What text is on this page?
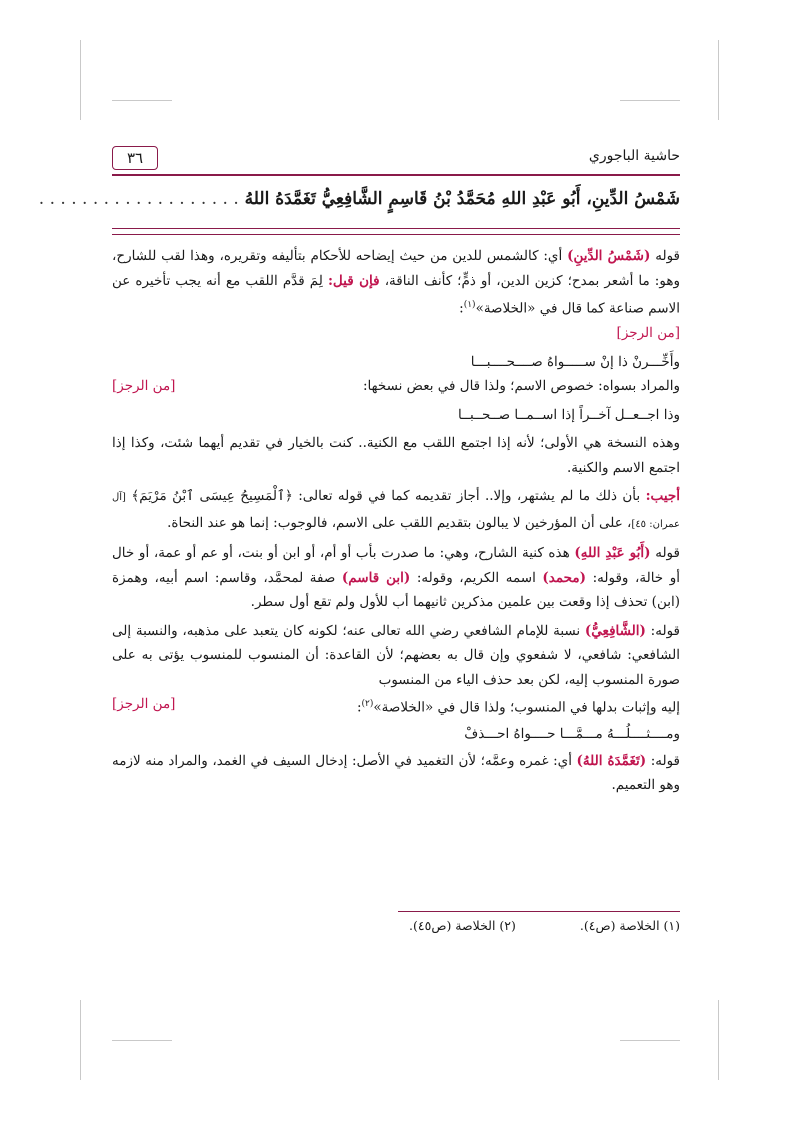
٣٦	حاشية الباجوري
شَمْسُ الدِّينِ، أَبُو عَبْدِ اللهِ مُحَمَّدُ بْنُ قَاسِمٍ الشَّافِعِيُّ تَغَمَّدَهُ اللهُ . . . . . . . . . . . . . . . . . . .

قوله (شَمْسُ الدِّينِ) أي: كالشمس للدين من حيث إيضاحه للأحكام بتأليفه وتقريره، وهذا لقب للشارح، وهو: ما أشعر بمدح؛ كزين الدين، أو ذمٍّ؛ كأنف الناقة، فإن قيل: لِمَ قدَّم اللقب مع أنه يجب تأخيره عن الاسم صناعة كما قال في «الخلاصة»$^{(١)}$:

[من الرجز]

وأَخِّـــرنْ ذا إنْ ســـــواهُ صــــحــــبـــا

والمراد بسواه: خصوص الاسم؛ ولذا قال في بعض نسخها:
[من الرجز]

وذا اجــعــل آخــراً إذا اســمــا صــحــبــا

وهذه النسخة هي الأولى؛ لأنه إذا اجتمع اللقب مع الكنية.. كنت بالخيار في تقديم أيهما شئت، وكذا إذا اجتمع الاسم والكنية.

أجيب: بأن ذلك ما لم يشتهر، وإلا.. أجاز تقديمه كما في قوله تعالى: ﴿ٱلْمَسِيحُ عِيسَى ٱبْنُ مَرْيَمَ﴾ [آل عمران: ٤٥]، على أن المؤرخين لا يبالون بتقديم اللقب على الاسم، فالوجوب: إنما هو عند النحاة.

قوله (أَبُو عَبْدِ اللهِ) هذه كنية الشارح، وهي: ما صدرت بأب أو أم، أو ابن أو بنت، أو عم أو عمة، أو خال أو خالة، وقوله: (محمد) اسمه الكريم، وقوله: (ابن قاسم) صفة لمحمَّد، وقاسم: اسم أبيه، وهمزة (ابن) تحذف إذا وقعت بين علمين مذكرين ثانيهما أب للأول ولم تقع أول سطر.

قوله: (الشَّافِعِيُّ) نسبة للإمام الشافعي رضي الله تعالى عنه؛ لكونه كان يتعبد على مذهبه، والنسبة إلى الشافعي: شافعي، لا شفعوي وإن قال به بعضهم؛ لأن القاعدة: أن المنسوب للمنسوب يؤتى به على صورة المنسوب إليه، لكن بعد حذف الياء من المنسوب

إليه وإثبات بدلها في المنسوب؛ ولذا قال في «الخلاصة»$^{(٢)}$:
[من الرجز]

ومــــثــــلُـــهُ مـــمَّـــا حــــواهُ احـــذفْ

قوله: (تَغَمَّدَهُ اللهُ) أي: غمره وعمَّه؛ لأن التغميد في الأصل: إدخال السيف في الغمد، والمراد منه لازمه وهو التعميم.

(١) الخلاصة (ص٤). (٢) الخلاصة (ص٤٥).
